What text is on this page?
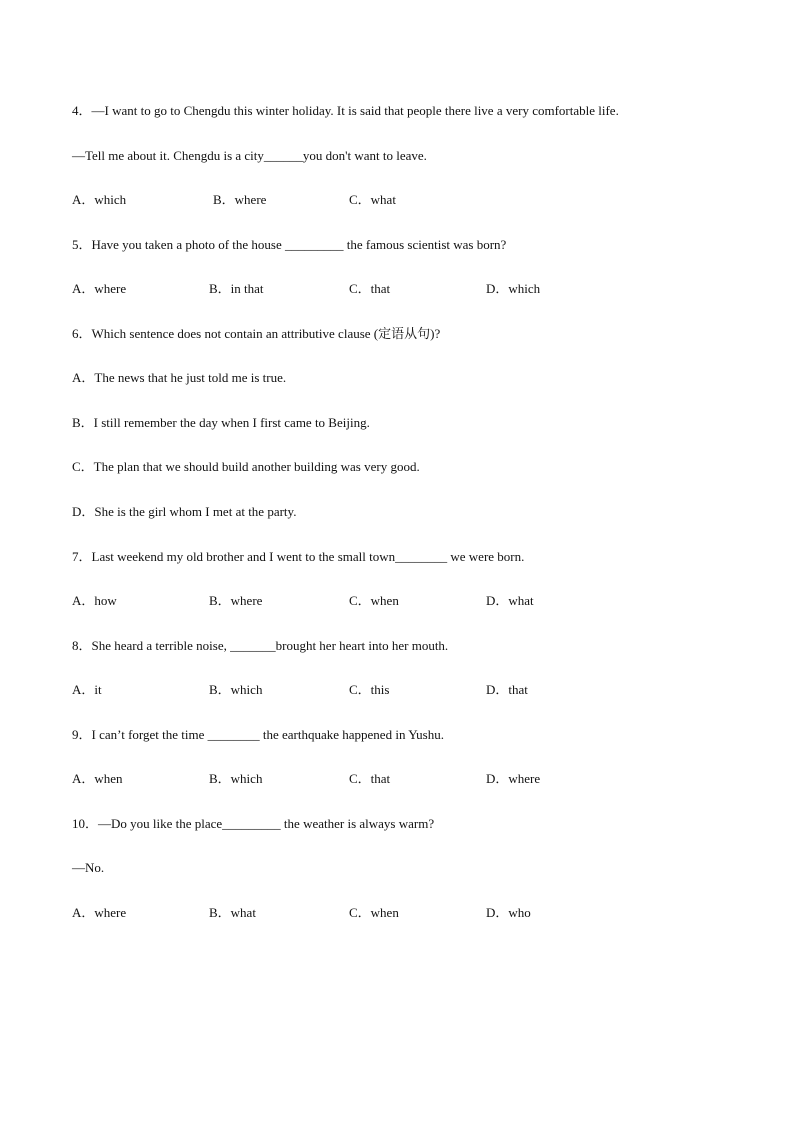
4．—I want to go to Chengdu this winter holiday. It is said that people there live a very comfortable life.
—Tell me about it. Chengdu is a city______you don't want to leave.
A．which	B．where	C．what
5．Have you taken a photo of the house _________ the famous scientist was born?
A．where	B．in that	C．that	D．which
6．Which sentence does not contain an attributive clause (定语从句)?
A．The news that he just told me is true.
B．I still remember the day when I first came to Beijing.
C．The plan that we should build another building was very good.
D．She is the girl whom I met at the party.
7．Last weekend my old brother and I went to the small town________ we were born.
A．how	B．where	C．when	D．what
8．She heard a terrible noise, _______brought her heart into her mouth.
A．it	B．which	C．this	D．that
9．I can’t forget the time ________ the earthquake happened in Yushu.
A．when	B．which	C．that	D．where
10．—Do you like the place_________ the weather is always warm?
—No.
A．where	B．what	C．when	D．who
